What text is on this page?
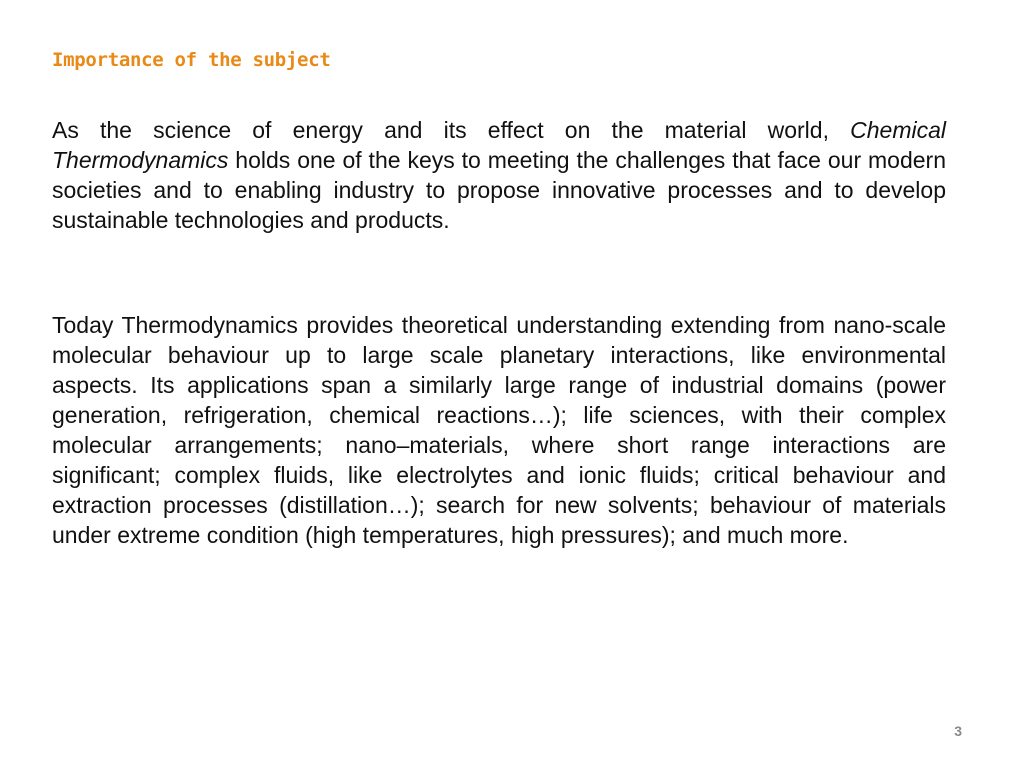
Importance of the subject

As the science of energy and its effect on the material world, Chemical Thermodynamics holds one of the keys to meeting the challenges that face our modern societies and to enabling industry to propose innovative processes and to develop sustainable technologies and products.

Today Thermodynamics provides theoretical understanding extending from nano-scale molecular behaviour up to large scale planetary interactions, like environmental aspects. Its applications span a similarly large range of industrial domains (power generation, refrigeration, chemical reactions…); life sciences, with their complex molecular arrangements; nano–materials, where short range interactions are significant; complex fluids, like electrolytes and ionic fluids; critical behaviour and extraction processes (distillation…); search for new solvents; behaviour of materials under extreme condition (high temperatures, high pressures); and much more.

3
